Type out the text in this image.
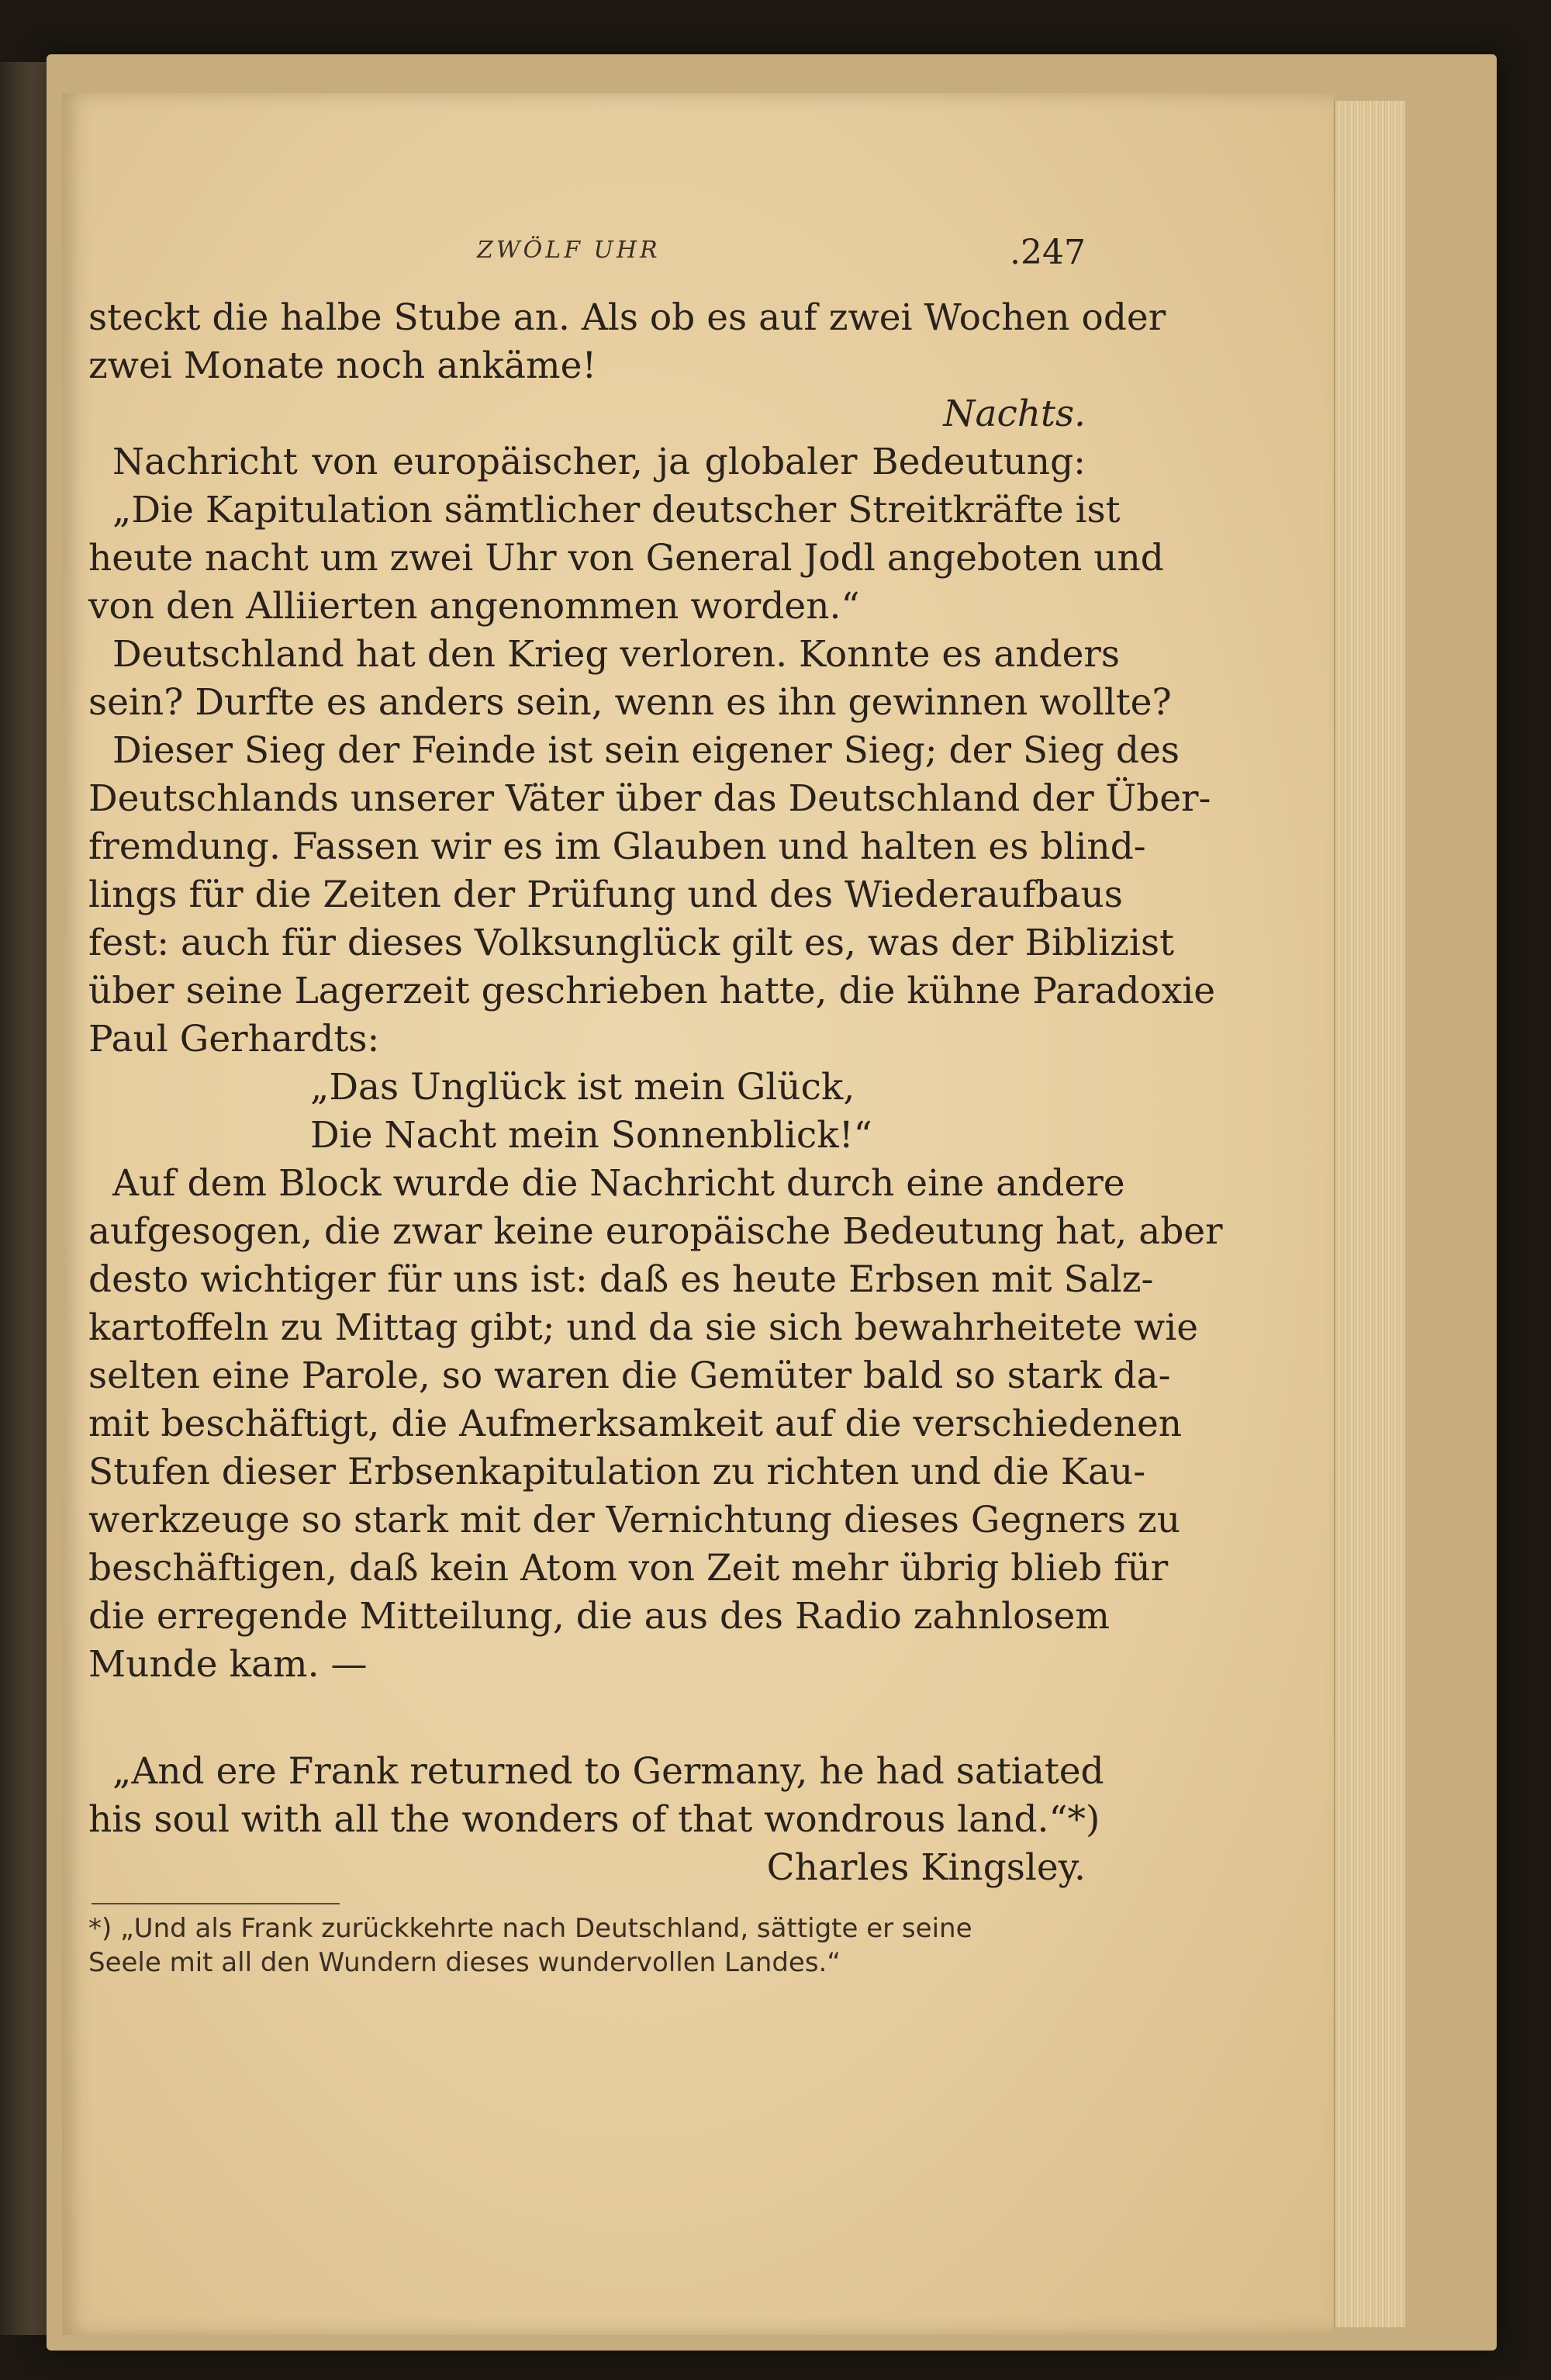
ZWÖLF UHR	.247
steckt die halbe Stube an. Als ob es auf zwei Wochen oder
zwei Monate noch ankäme!
Nachts.
Nachricht von europäischer, ja globaler Bedeutung:
„Die Kapitulation sämtlicher deutscher Streitkräfte ist
heute nacht um zwei Uhr von General Jodl angeboten und
von den Alliierten angenommen worden.“
Deutschland hat den Krieg verloren. Konnte es anders
sein? Durfte es anders sein, wenn es ihn gewinnen wollte?
Dieser Sieg der Feinde ist sein eigener Sieg; der Sieg des
Deutschlands unserer Väter über das Deutschland der Über-
fremdung. Fassen wir es im Glauben und halten es blind-
lings für die Zeiten der Prüfung und des Wiederaufbaus
fest: auch für dieses Volksunglück gilt es, was der Biblizist
über seine Lagerzeit geschrieben hatte, die kühne Paradoxie
Paul Gerhardts:
„Das Unglück ist mein Glück,
Die Nacht mein Sonnenblick!“
Auf dem Block wurde die Nachricht durch eine andere
aufgesogen, die zwar keine europäische Bedeutung hat, aber
desto wichtiger für uns ist: daß es heute Erbsen mit Salz-
kartoffeln zu Mittag gibt; und da sie sich bewahrheitete wie
selten eine Parole, so waren die Gemüter bald so stark da-
mit beschäftigt, die Aufmerksamkeit auf die verschiedenen
Stufen dieser Erbsenkapitulation zu richten und die Kau-
werkzeuge so stark mit der Vernichtung dieses Gegners zu
beschäftigen, daß kein Atom von Zeit mehr übrig blieb für
die erregende Mitteilung, die aus des Radio zahnlosem
Munde kam. —
„And ere Frank returned to Germany, he had satiated
his soul with all the wonders of that wondrous land.“*)
Charles Kingsley.
*) „Und als Frank zurückkehrte nach Deutschland, sättigte er seine
Seele mit all den Wundern dieses wundervollen Landes.“
